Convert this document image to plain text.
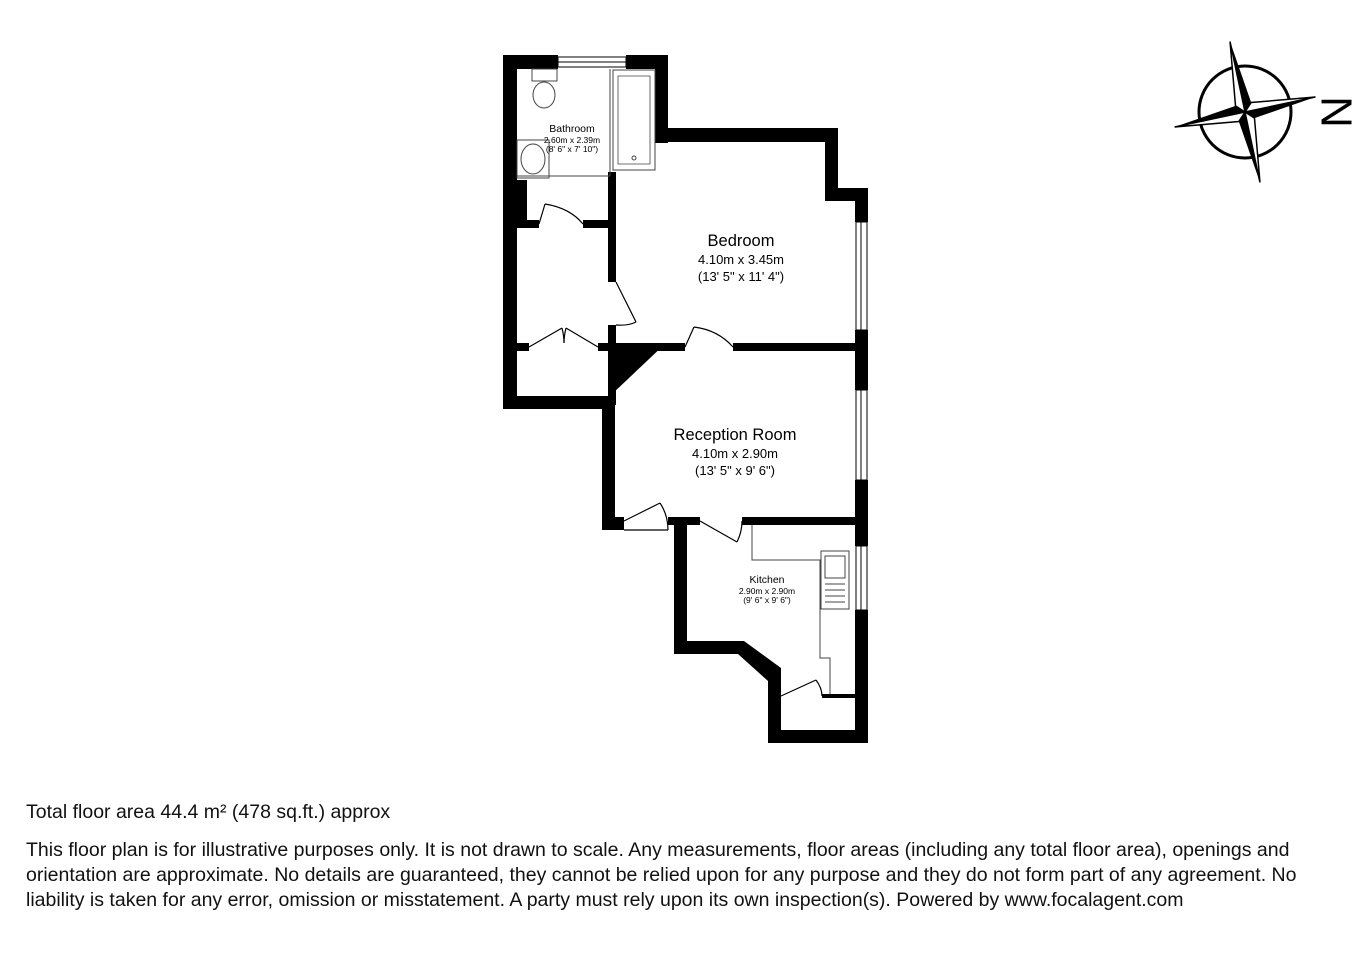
Bathroom
2.60m x 2.39m
(8' 6" x 7' 10")
Bedroom
4.10m x 3.45m
(13' 5" x 11' 4")
Reception Room
4.10m x 2.90m
(13' 5" x 9' 6")
Kitchen
2.90m x 2.90m
(9' 6" x 9' 6")
N
Total floor area 44.4 m² (478 sq.ft.) approx
This floor plan is for illustrative purposes only. It is not drawn to scale. Any measurements, floor areas (including any total floor area), openings and orientation are approximate. No details are guaranteed, they cannot be relied upon for any purpose and they do not form part of any agreement. No liability is taken for any error, omission or misstatement. A party must rely upon its own inspection(s). Powered by www.focalagent.com
